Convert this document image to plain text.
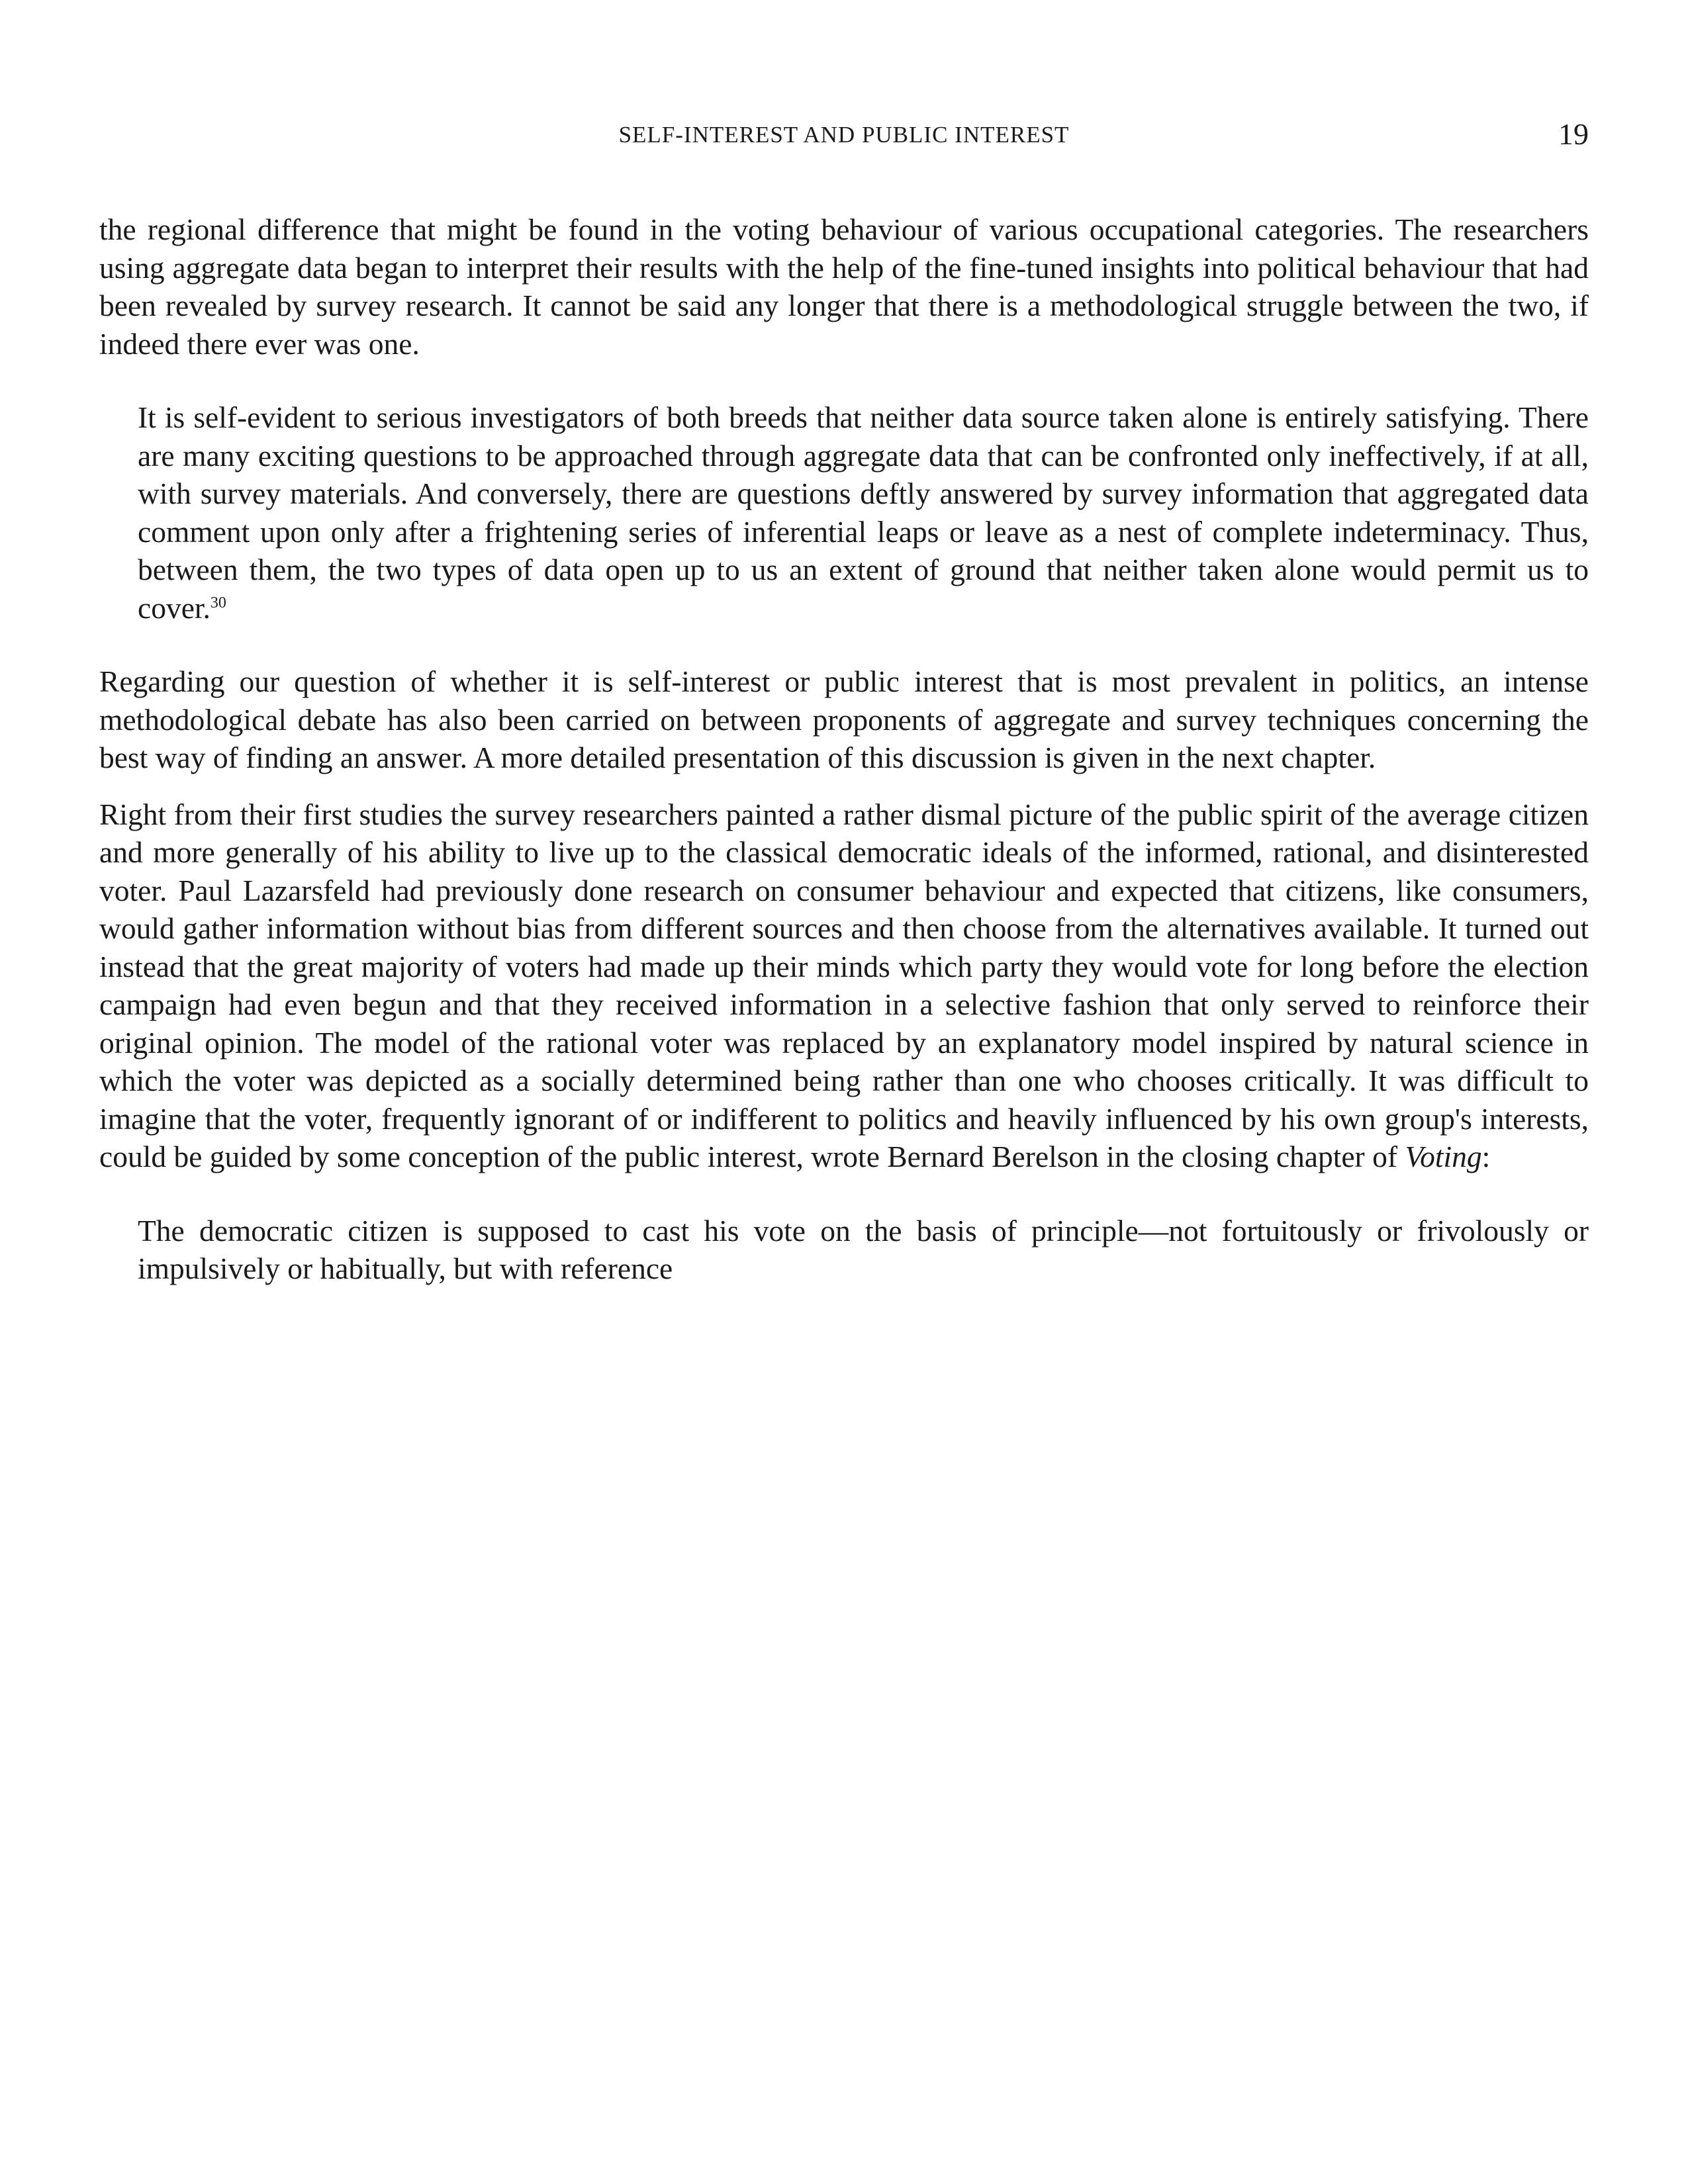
SELF-INTEREST AND PUBLIC INTEREST	19

the regional difference that might be found in the voting behaviour of various occupational categories. The researchers using aggregate data began to interpret their results with the help of the fine-tuned insights into political behaviour that had been revealed by survey research. It cannot be said any longer that there is a methodological struggle between the two, if indeed there ever was one.

It is self-evident to serious investigators of both breeds that neither data source taken alone is entirely satisfying. There are many exciting questions to be approached through aggregate data that can be confronted only ineffectively, if at all, with survey materials. And conversely, there are questions deftly answered by survey information that aggregated data comment upon only after a frightening series of inferential leaps or leave as a nest of complete indeterminacy. Thus, between them, the two types of data open up to us an extent of ground that neither taken alone would permit us to cover.$^{30}$

Regarding our question of whether it is self-interest or public interest that is most prevalent in politics, an intense methodological debate has also been carried on between proponents of aggregate and survey techniques concerning the best way of finding an answer. A more detailed presentation of this discussion is given in the next chapter.

Right from their first studies the survey researchers painted a rather dismal picture of the public spirit of the average citizen and more generally of his ability to live up to the classical democratic ideals of the informed, rational, and disinterested voter. Paul Lazarsfeld had previously done research on consumer behaviour and expected that citizens, like consumers, would gather information without bias from different sources and then choose from the alternatives available. It turned out instead that the great majority of voters had made up their minds which party they would vote for long before the election campaign had even begun and that they received information in a selective fashion that only served to reinforce their original opinion. The model of the rational voter was replaced by an explanatory model inspired by natural science in which the voter was depicted as a socially determined being rather than one who chooses critically. It was difficult to imagine that the voter, frequently ignorant of or indifferent to politics and heavily influenced by his own group's interests, could be guided by some conception of the public interest, wrote Bernard Berelson in the closing chapter of Voting:

The democratic citizen is supposed to cast his vote on the basis of principle—not fortuitously or frivolously or impulsively or habitually, but with reference
